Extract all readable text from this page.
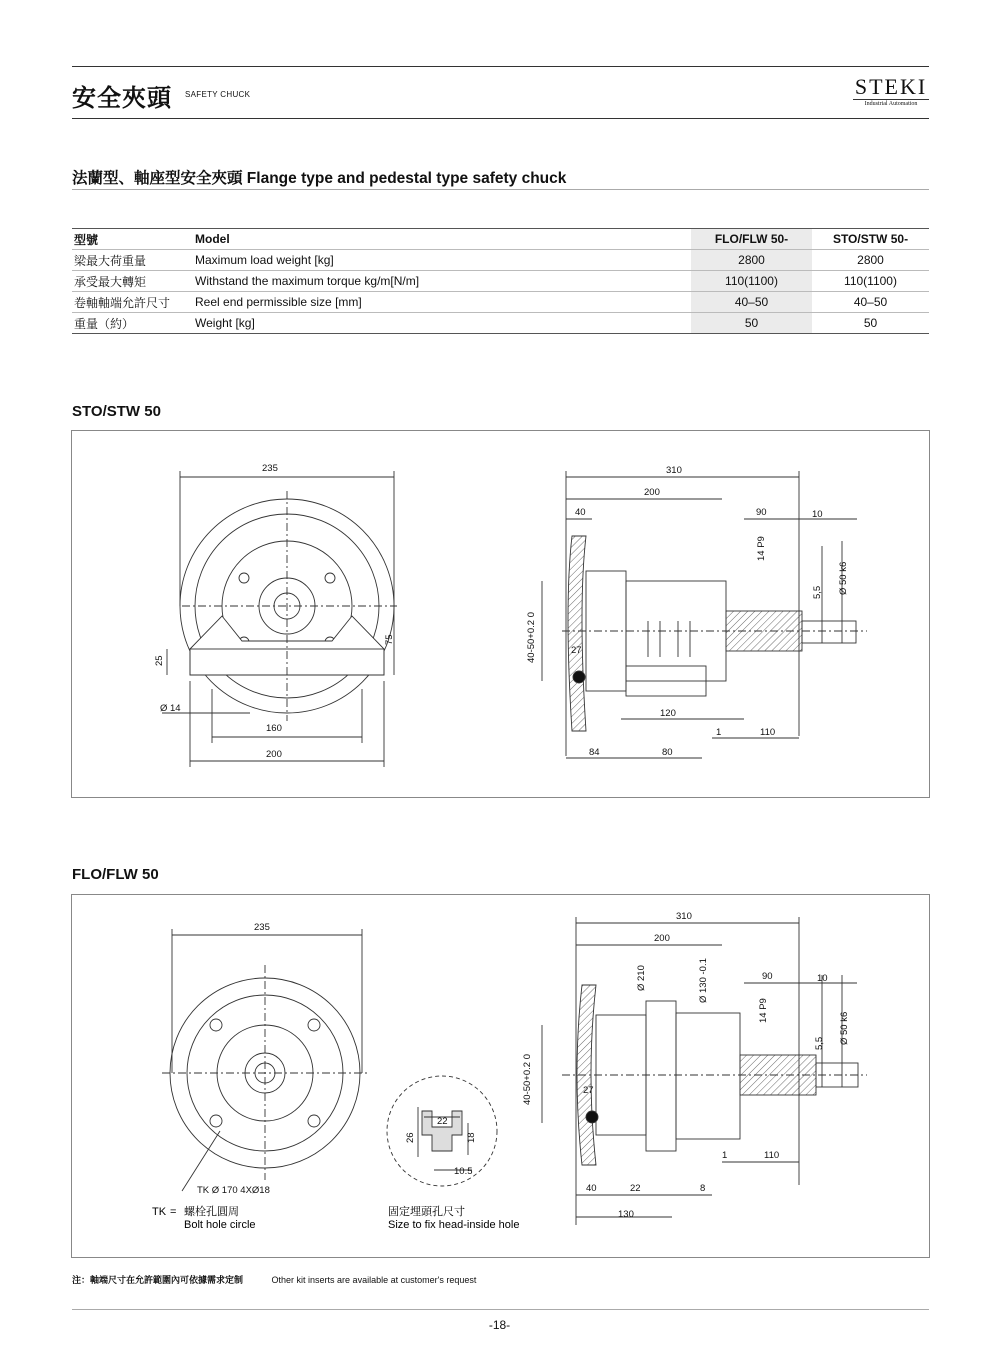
安全夾頭 SAFETY CHUCK	STEKI
Industrial Automation
法蘭型、軸座型安全夾頭 Flange type and pedestal type safety chuck
型號	Model	FLO/FLW 50-	STO/STW 50-
梁最大荷重量	Maximum load weight [kg]	2800	2800
承受最大轉矩	Withstand the maximum torque kg/m[N/m]	110(1100)	110(1100)
卷軸軸端允許尺寸	Reel end permissible size [mm]	40–50	40–50
重量（約）	Weight [kg]	50	50
STO/STW 50
235
25
75
Ø 14
160
200
310
200
40	90	10
14 P9
Ø 50 k6
5,5
40-50+0.2 0	27
120
1	110
84	80
FLO/FLW 50
235
TK Ø 170 4XØ18
22
26	18
10.5
310
200
Ø 210	Ø 130 -0.1	90	10
14 P9
Ø 50 k6
5,5
40-50+0.2 0	27
1	110
40	22	8
130
TK = 螺栓孔圓周
Bolt hole circle
固定埋頭孔尺寸
Size to fix head-inside hole
注：軸端尺寸在允許範圍內可依據需求定制	Other kit inserts are available at customer's request
-18-
